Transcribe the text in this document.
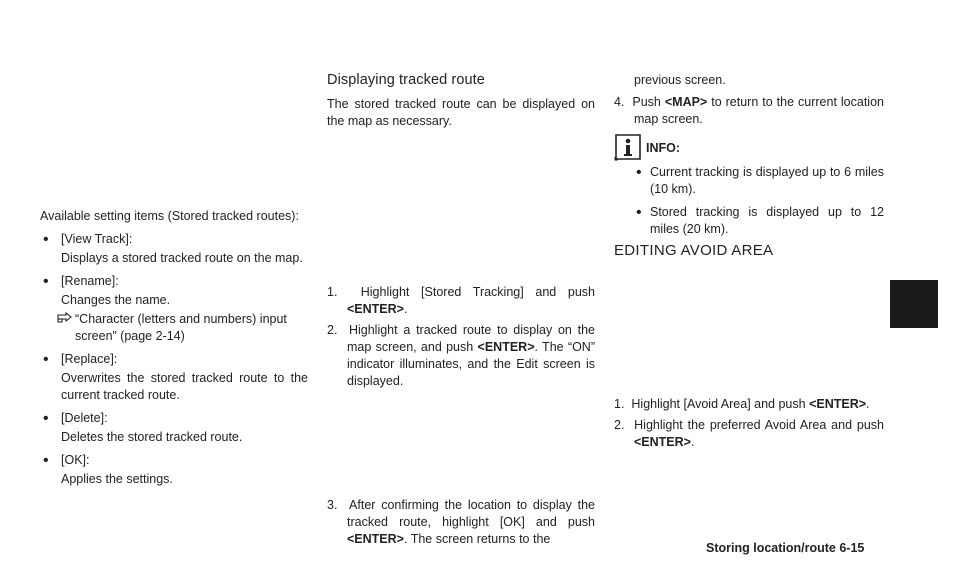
Available setting items (Stored tracked routes):
• [View Track]:
Displays a stored tracked route on the map.
• [Rename]:
Changes the name.
“Character (letters and numbers) input screen” (page 2-14)
• [Replace]:
Overwrites the stored tracked route to the current tracked route.
• [Delete]:
Deletes the stored tracked route.
• [OK]:
Applies the settings.
Displaying tracked route
The stored tracked route can be displayed on the map as necessary.
1. Highlight [Stored Tracking] and push <ENTER>.
2. Highlight a tracked route to display on the map screen, and push <ENTER>. The “ON” indicator illuminates, and the Edit screen is displayed.
3. After confirming the location to display the tracked route, highlight [OK] and push <ENTER>. The screen returns to the
previous screen.
4. Push <MAP> to return to the current location map screen.
INFO:
• Current tracking is displayed up to 6 miles (10 km).
• Stored tracking is displayed up to 12 miles (20 km).
EDITING AVOID AREA
1. Highlight [Avoid Area] and push <ENTER>.
2. Highlight the preferred Avoid Area and push <ENTER>.
Storing location/route 6-15
